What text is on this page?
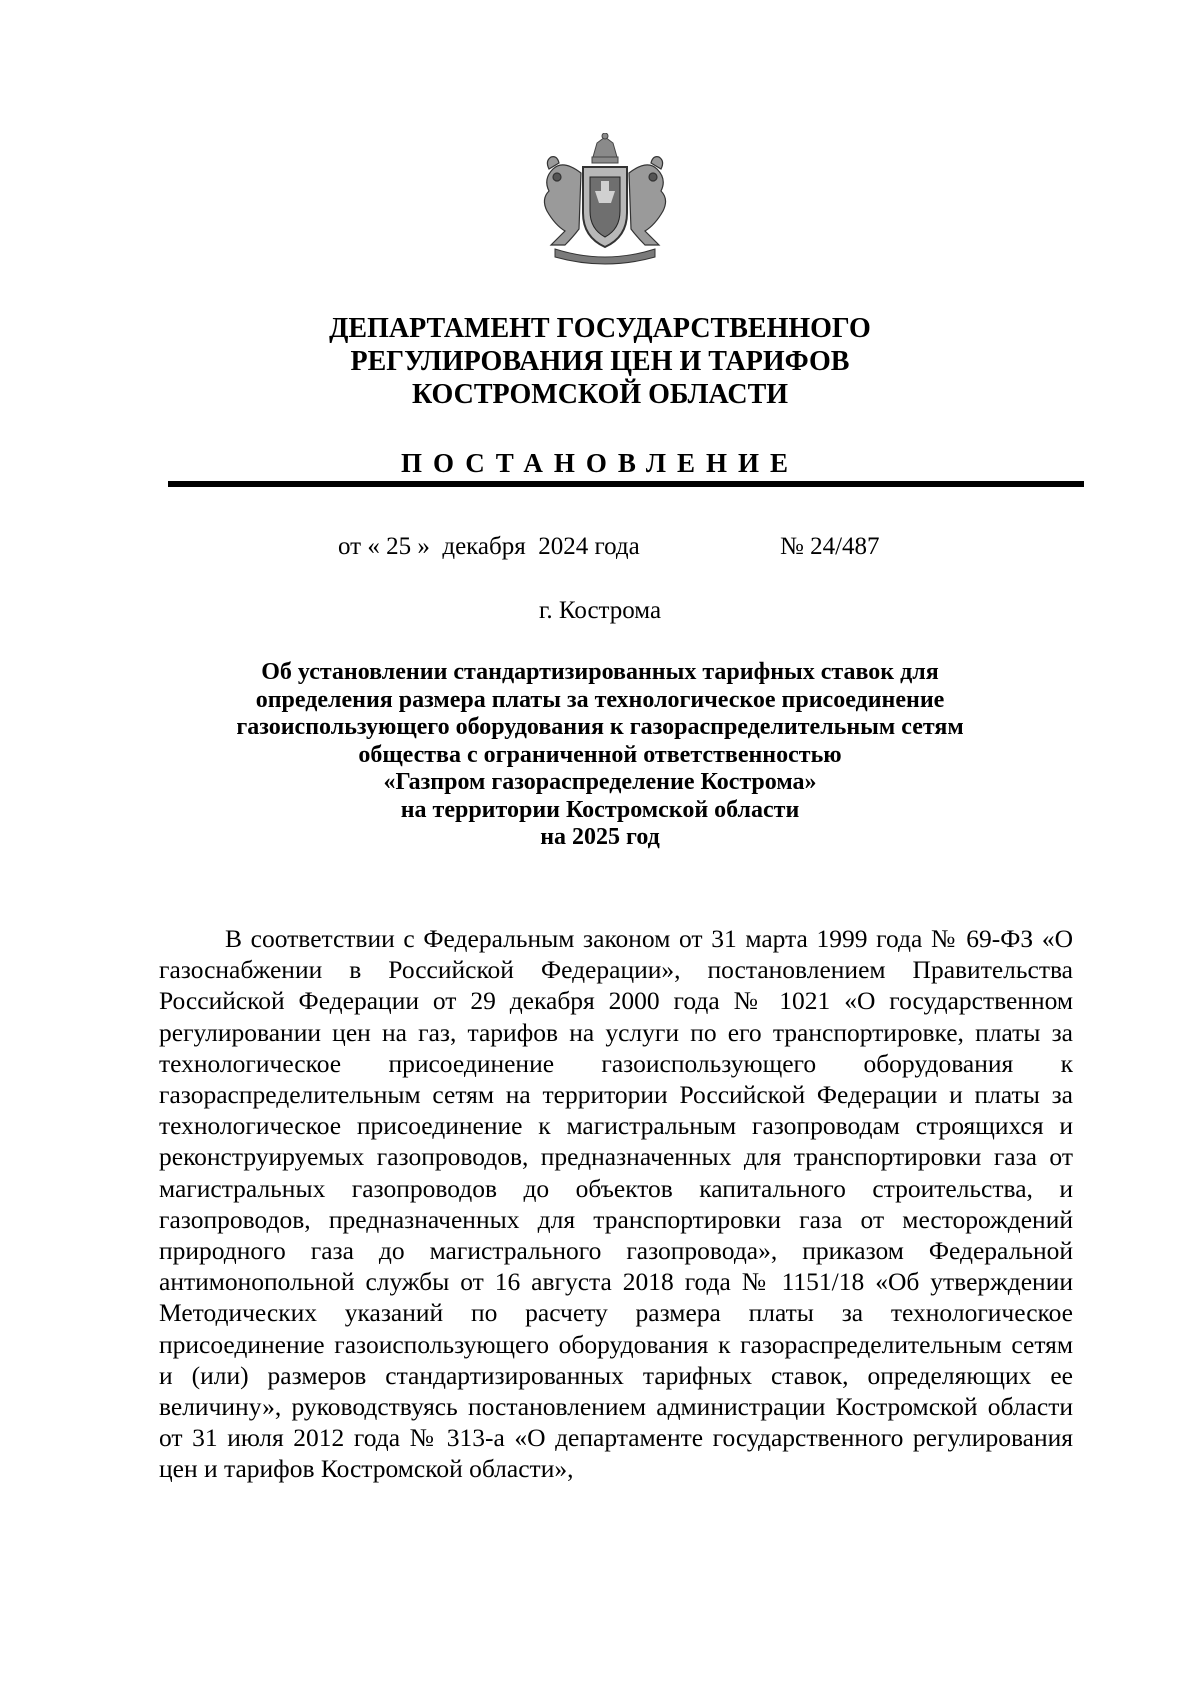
ДЕПАРТАМЕНТ ГОСУДАРСТВЕННОГО
РЕГУЛИРОВАНИЯ ЦЕН И ТАРИФОВ
КОСТРОМСКОЙ ОБЛАСТИ
ПОСТАНОВЛЕНИЕ
от « 25 »  декабря  2024 года	№ 24/487
г. Кострома
Об установлении стандартизированных тарифных ставок для
определения размера платы за технологическое присоединение
газоиспользующего оборудования к газораспределительным сетям
общества с ограниченной ответственностью
«Газпром газораспределение Кострома»
на территории Костромской области
на 2025 год
В соответствии с Федеральным законом от 31 марта 1999 года № 69-ФЗ «О газоснабжении в Российской Федерации», постановлением Правительства Российской Федерации от 29 декабря 2000 года № 1021 «О государственном регулировании цен на газ, тарифов на услуги по его транспортировке, платы за технологическое присоединение газоиспользующего оборудования к газораспределительным сетям на территории Российской Федерации и платы за технологическое присоединение к магистральным газопроводам строящихся и реконструируемых газопроводов, предназначенных для транспортировки газа от магистральных газопроводов до объектов капитального строительства, и газопроводов, предназначенных для транспортировки газа от месторождений природного газа до магистрального газопровода», приказом Федеральной антимонопольной службы от 16 августа 2018 года № 1151/18 «Об утверждении Методических указаний по расчету размера платы за технологическое присоединение газоиспользующего оборудования к газораспределительным сетям и (или) размеров стандартизированных тарифных ставок, определяющих ее величину», руководствуясь постановлением администрации Костромской области от 31 июля 2012 года № 313-а «О департаменте государственного регулирования цен и тарифов Костромской области»,
